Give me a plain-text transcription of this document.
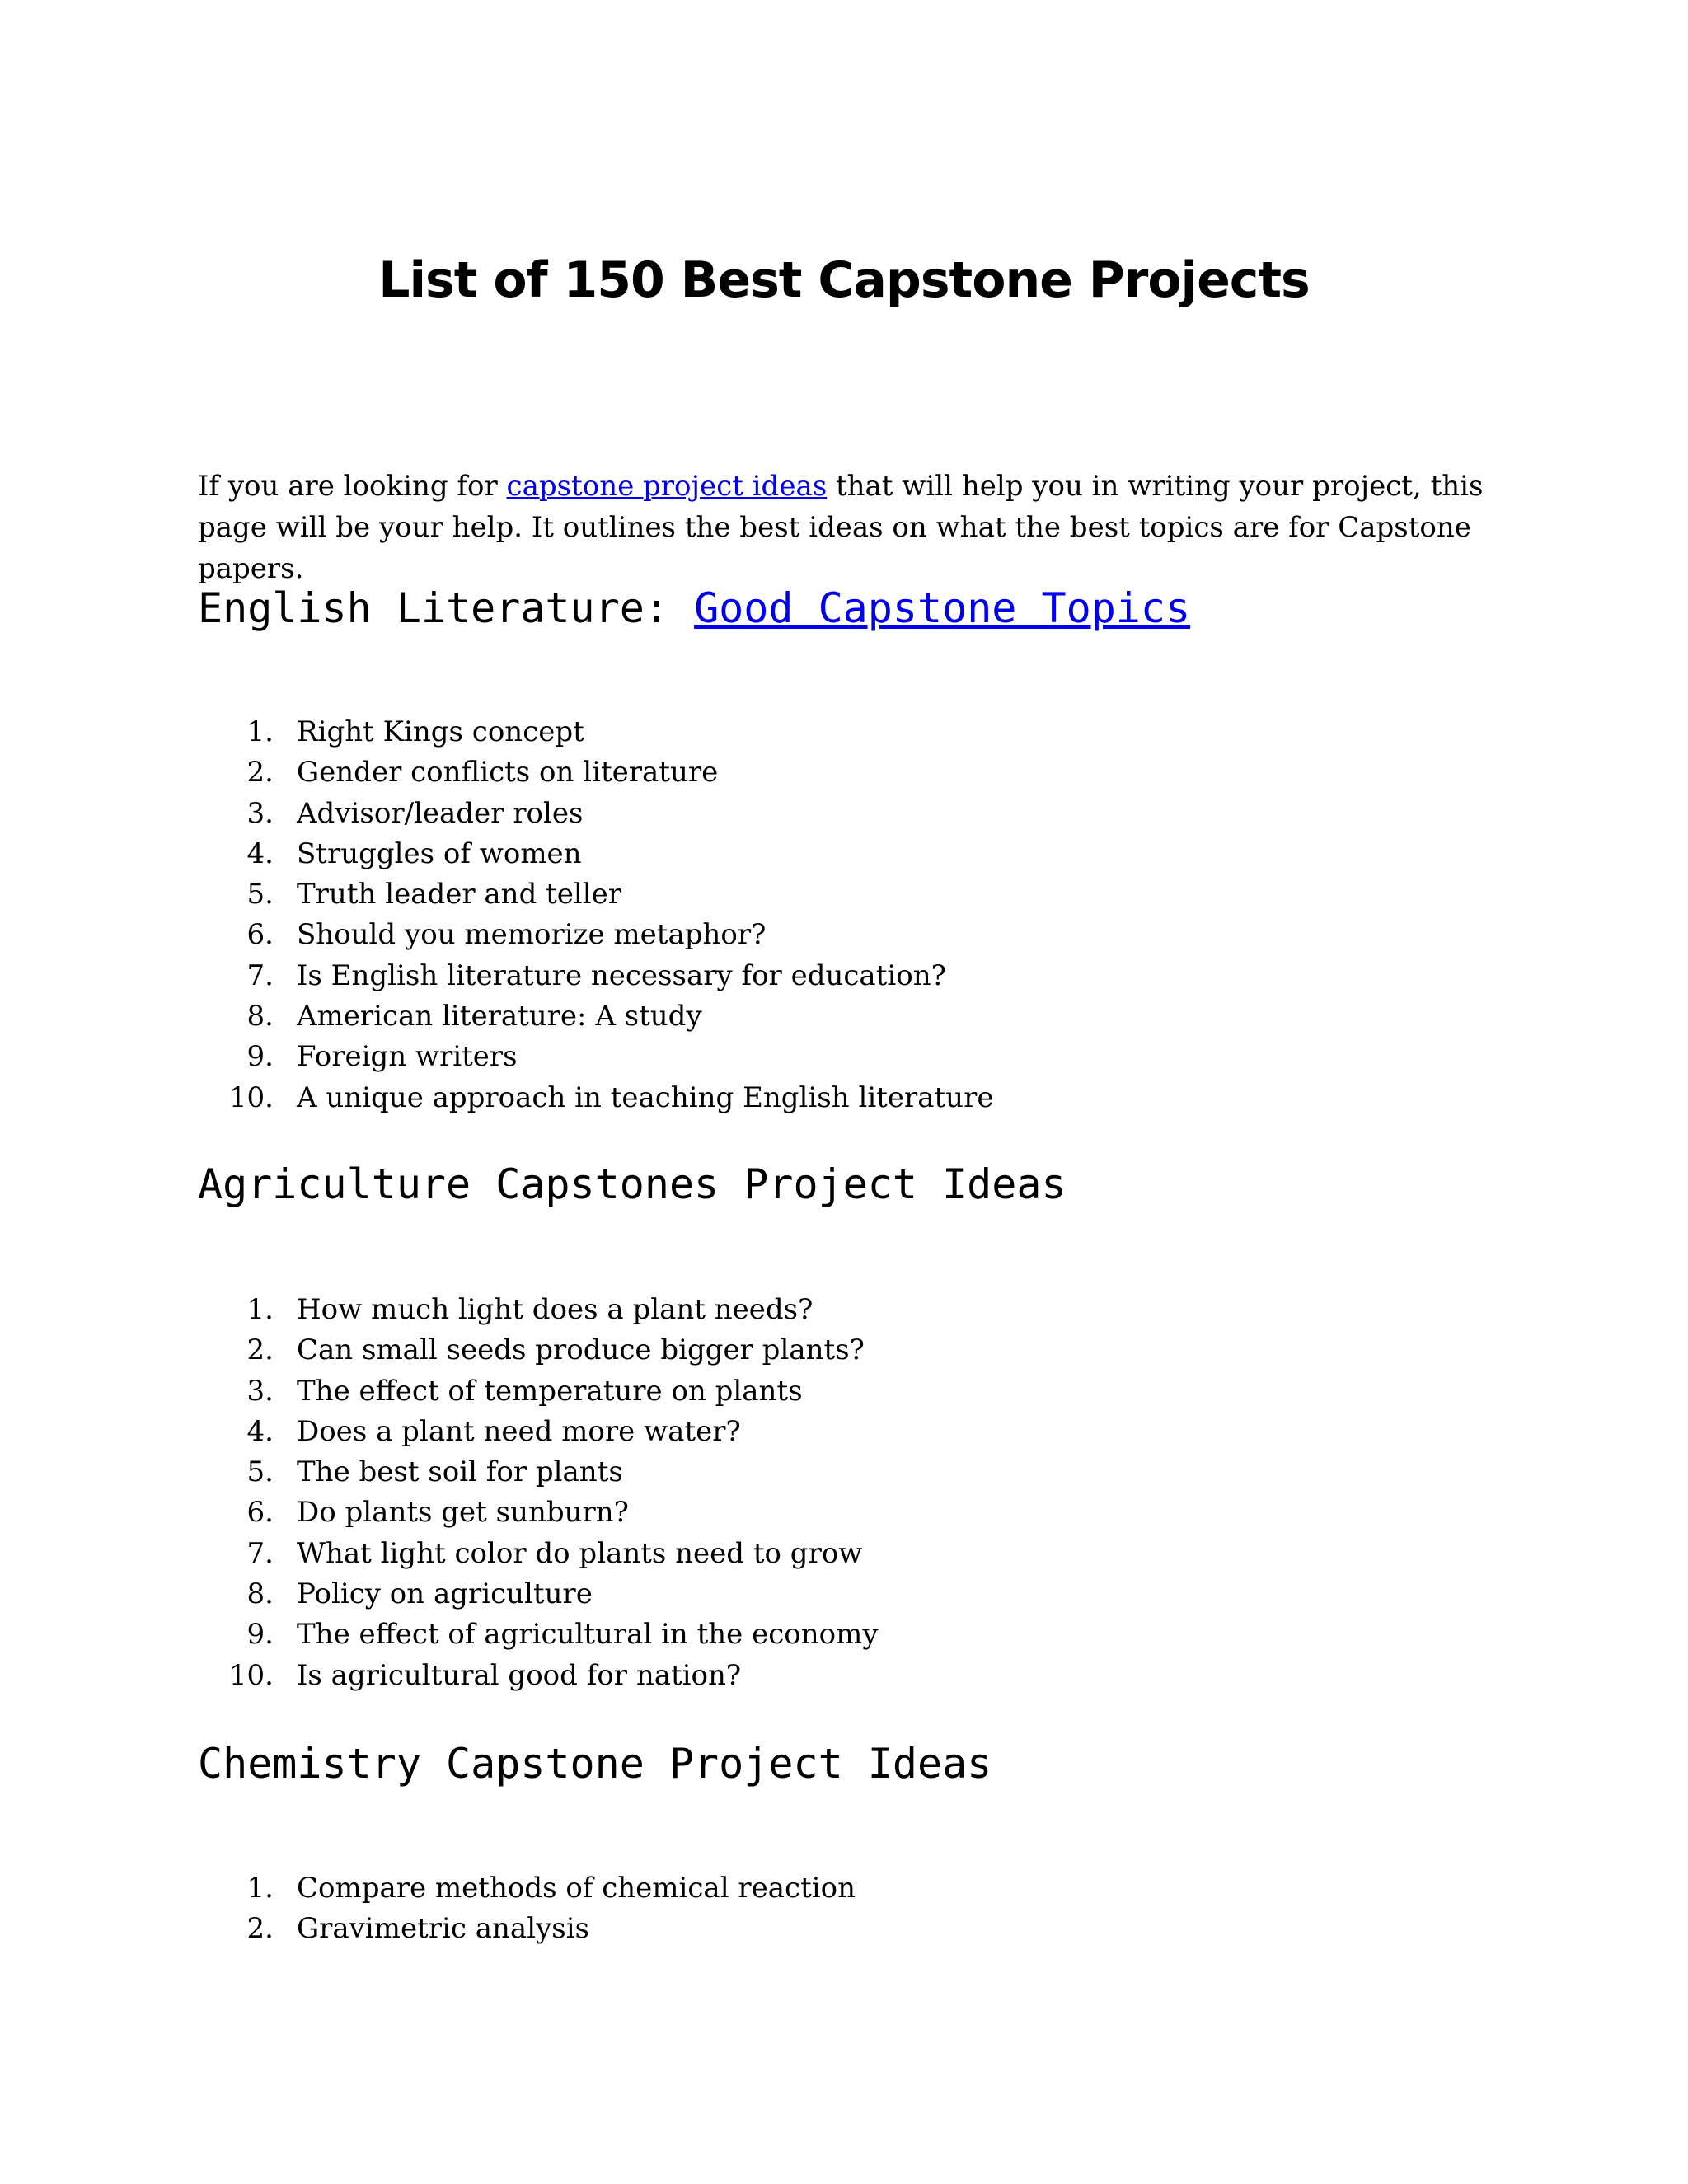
List of 150 Best Capstone Projects

If you are looking for capstone project ideas that will help you in writing your project, this page will be your help. It outlines the best ideas on what the best topics are for Capstone papers.

English Literature: Good Capstone Topics
1. Right Kings concept
2. Gender conflicts on literature
3. Advisor/leader roles
4. Struggles of women
5. Truth leader and teller
6. Should you memorize metaphor?
7. Is English literature necessary for education?
8. American literature: A study
9. Foreign writers
10. A unique approach in teaching English literature
Agriculture Capstones Project Ideas
1. How much light does a plant needs?
2. Can small seeds produce bigger plants?
3. The effect of temperature on plants
4. Does a plant need more water?
5. The best soil for plants
6. Do plants get sunburn?
7. What light color do plants need to grow
8. Policy on agriculture
9. The effect of agricultural in the economy
10. Is agricultural good for nation?
Chemistry Capstone Project Ideas
1. Compare methods of chemical reaction
2. Gravimetric analysis
